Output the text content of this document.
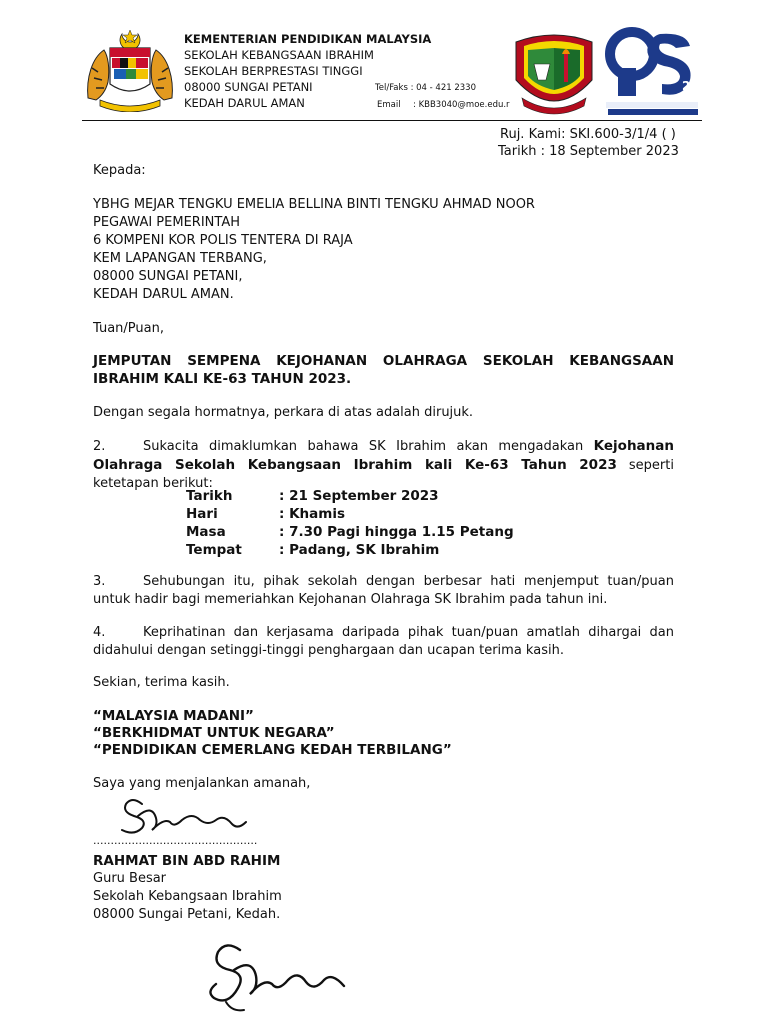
25
KEMENTERIAN PENDIDIKAN MALAYSIA
SEKOLAH KEBANGSAAN IBRAHIM
SEKOLAH BERPRESTASI TINGGI
08000 SUNGAI PETANI
KEDAH DARUL AMAN
Tel/Faks : 04 - 421 2330
Email : KBB3040@moe.edu.r
Ruj. Kami: SKI.600-3/1/4 ( )
Tarikh : 18 September 2023
Kepada:
YBHG MEJAR TENGKU EMELIA BELLINA BINTI TENGKU AHMAD NOOR
PEGAWAI PEMERINTAH
6 KOMPENI KOR POLIS TENTERA DI RAJA
KEM LAPANGAN TERBANG,
08000 SUNGAI PETANI,
KEDAH DARUL AMAN.
Tuan/Puan,
JEMPUTAN SEMPENA KEJOHANAN OLAHRAGA SEKOLAH KEBANGSAAN IBRAHIM KALI KE-63 TAHUN 2023.
Dengan segala hormatnya, perkara di atas adalah dirujuk.
2.	Sukacita dimaklumkan bahawa SK Ibrahim akan mengadakan Kejohanan Olahraga Sekolah Kebangsaan Ibrahim kali Ke-63 Tahun 2023 seperti ketetapan berikut:
Tarikh	: 21 September 2023
Hari	: Khamis
Masa	: 7.30 Pagi hingga 1.15 Petang
Tempat	: Padang, SK Ibrahim
3.	Sehubungan itu, pihak sekolah dengan berbesar hati menjemput tuan/puan untuk hadir bagi memeriahkan Kejohanan Olahraga SK Ibrahim pada tahun ini.
4.	Keprihatinan dan kerjasama daripada pihak tuan/puan amatlah dihargai dan didahului dengan setinggi-tinggi penghargaan dan ucapan terima kasih.
Sekian, terima kasih.
“MALAYSIA MADANI”
“BERKHIDMAT UNTUK NEGARA”
“PENDIDIKAN CEMERLANG KEDAH TERBILANG”
Saya yang menjalankan amanah,
...............................................
RAHMAT BIN ABD RAHIM
Guru Besar
Sekolah Kebangsaan Ibrahim
08000 Sungai Petani, Kedah.
